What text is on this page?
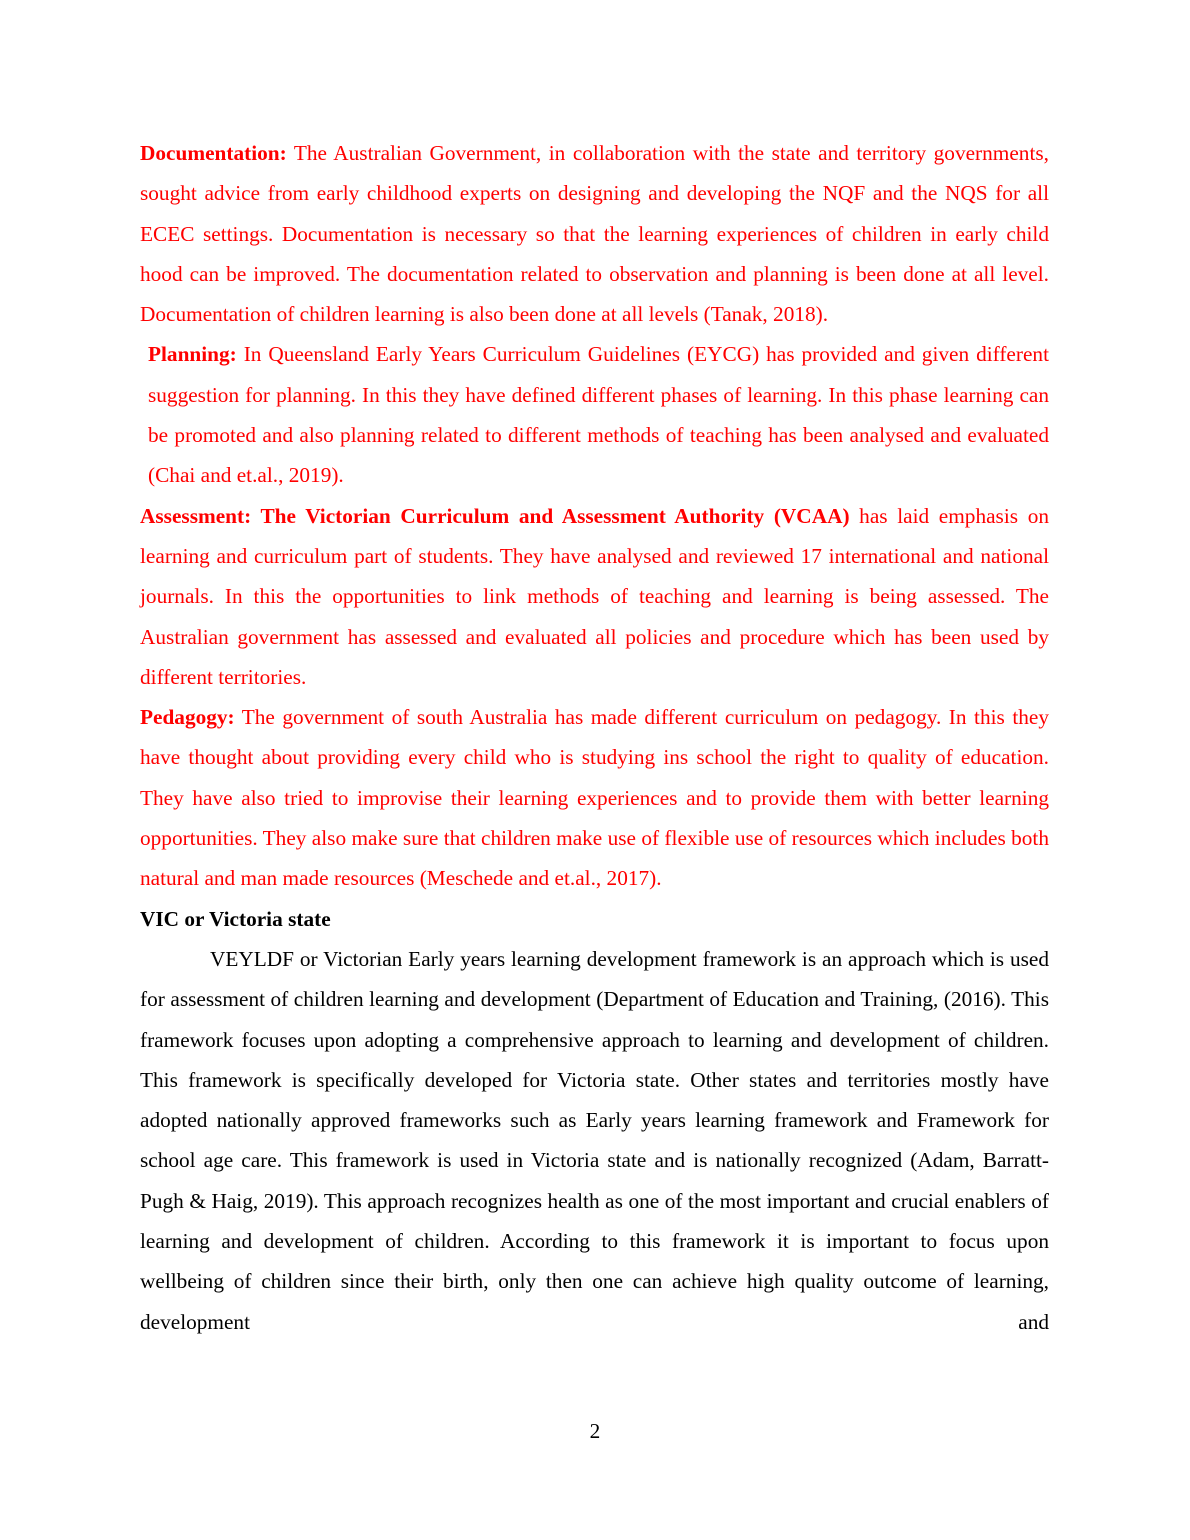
Documentation: The Australian Government, in collaboration with the state and territory governments, sought advice from early childhood experts on designing and developing the NQF and the NQS for all ECEC settings. Documentation is necessary so that the learning experiences of children in early child hood can be improved. The documentation related to observation and planning is been done at all level. Documentation of children learning is also been done at all levels (Tanak, 2018).

Planning: In Queensland Early Years Curriculum Guidelines (EYCG) has provided and given different suggestion for planning. In this they have defined different phases of learning. In this phase learning can be promoted and also planning related to different methods of teaching has been analysed and evaluated (Chai and et.al., 2019).

Assessment: The Victorian Curriculum and Assessment Authority (VCAA) has laid emphasis on learning and curriculum part of students. They have analysed and reviewed 17 international and national journals. In this the opportunities to link methods of teaching and learning is being assessed. The Australian government has assessed and evaluated all policies and procedure which has been used by different territories.

Pedagogy: The government of south Australia has made different curriculum on pedagogy. In this they have thought about providing every child who is studying ins school the right to quality of education. They have also tried to improvise their learning experiences and to provide them with better learning opportunities. They also make sure that children make use of flexible use of resources which includes both natural and man made resources (Meschede and et.al., 2017).

VIC or Victoria state

VEYLDF or Victorian Early years learning development framework is an approach which is used for assessment of children learning and development (Department of Education and Training, (2016). This framework focuses upon adopting a comprehensive approach to learning and development of children. This framework is specifically developed for Victoria state. Other states and territories mostly have adopted nationally approved frameworks such as Early years learning framework and Framework for school age care. This framework is used in Victoria state and is nationally recognized (Adam, Barratt-Pugh & Haig, 2019). This approach recognizes health as one of the most important and crucial enablers of learning and development of children. According to this framework it is important to focus upon wellbeing of children since their birth, only then one can achieve high quality outcome of learning, development and

2
